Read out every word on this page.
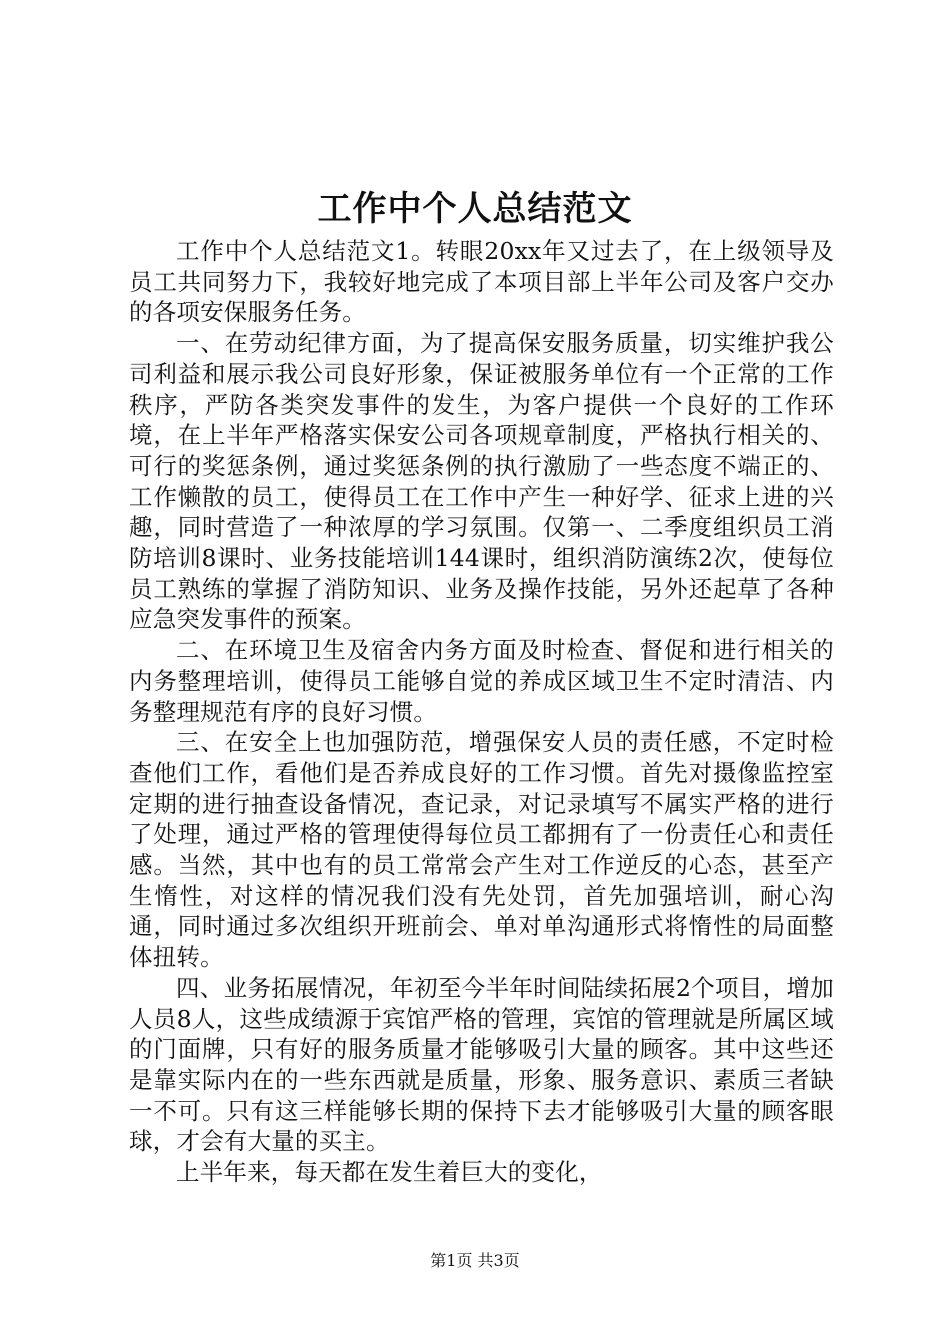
工作中个人总结范文

工作中个人总结范文1。转眼20xx年又过去了，在上级领导及员工共同努力下，我较好地完成了本项目部上半年公司及客户交办的各项安保服务任务。

一、在劳动纪律方面，为了提高保安服务质量，切实维护我公司利益和展示我公司良好形象，保证被服务单位有一个正常的工作秩序，严防各类突发事件的发生，为客户提供一个良好的工作环境，在上半年严格落实保安公司各项规章制度，严格执行相关的、可行的奖惩条例，通过奖惩条例的执行激励了一些态度不端正的、工作懒散的员工，使得员工在工作中产生一种好学、征求上进的兴趣，同时营造了一种浓厚的学习氛围。仅第一、二季度组织员工消防培训8课时、业务技能培训144课时，组织消防演练2次，使每位员工熟练的掌握了消防知识、业务及操作技能，另外还起草了各种应急突发事件的预案。

二、在环境卫生及宿舍内务方面及时检查、督促和进行相关的内务整理培训，使得员工能够自觉的养成区域卫生不定时清洁、内务整理规范有序的良好习惯。

三、在安全上也加强防范，增强保安人员的责任感，不定时检查他们工作，看他们是否养成良好的工作习惯。首先对摄像监控室定期的进行抽查设备情况，查记录，对记录填写不属实严格的进行了处理，通过严格的管理使得每位员工都拥有了一份责任心和责任感。当然，其中也有的员工常常会产生对工作逆反的心态，甚至产生惰性，对这样的情况我们没有先处罚，首先加强培训，耐心沟通，同时通过多次组织开班前会、单对单沟通形式将惰性的局面整体扭转。

四、业务拓展情况，年初至今半年时间陆续拓展2个项目，增加人员8人，这些成绩源于宾馆严格的管理，宾馆的管理就是所属区域的门面牌，只有好的服务质量才能够吸引大量的顾客。其中这些还是靠实际内在的一些东西就是质量，形象、服务意识、素质三者缺一不可。只有这三样能够长期的保持下去才能够吸引大量的顾客眼球，才会有大量的买主。

上半年来，每天都在发生着巨大的变化，

第1页 共3页
